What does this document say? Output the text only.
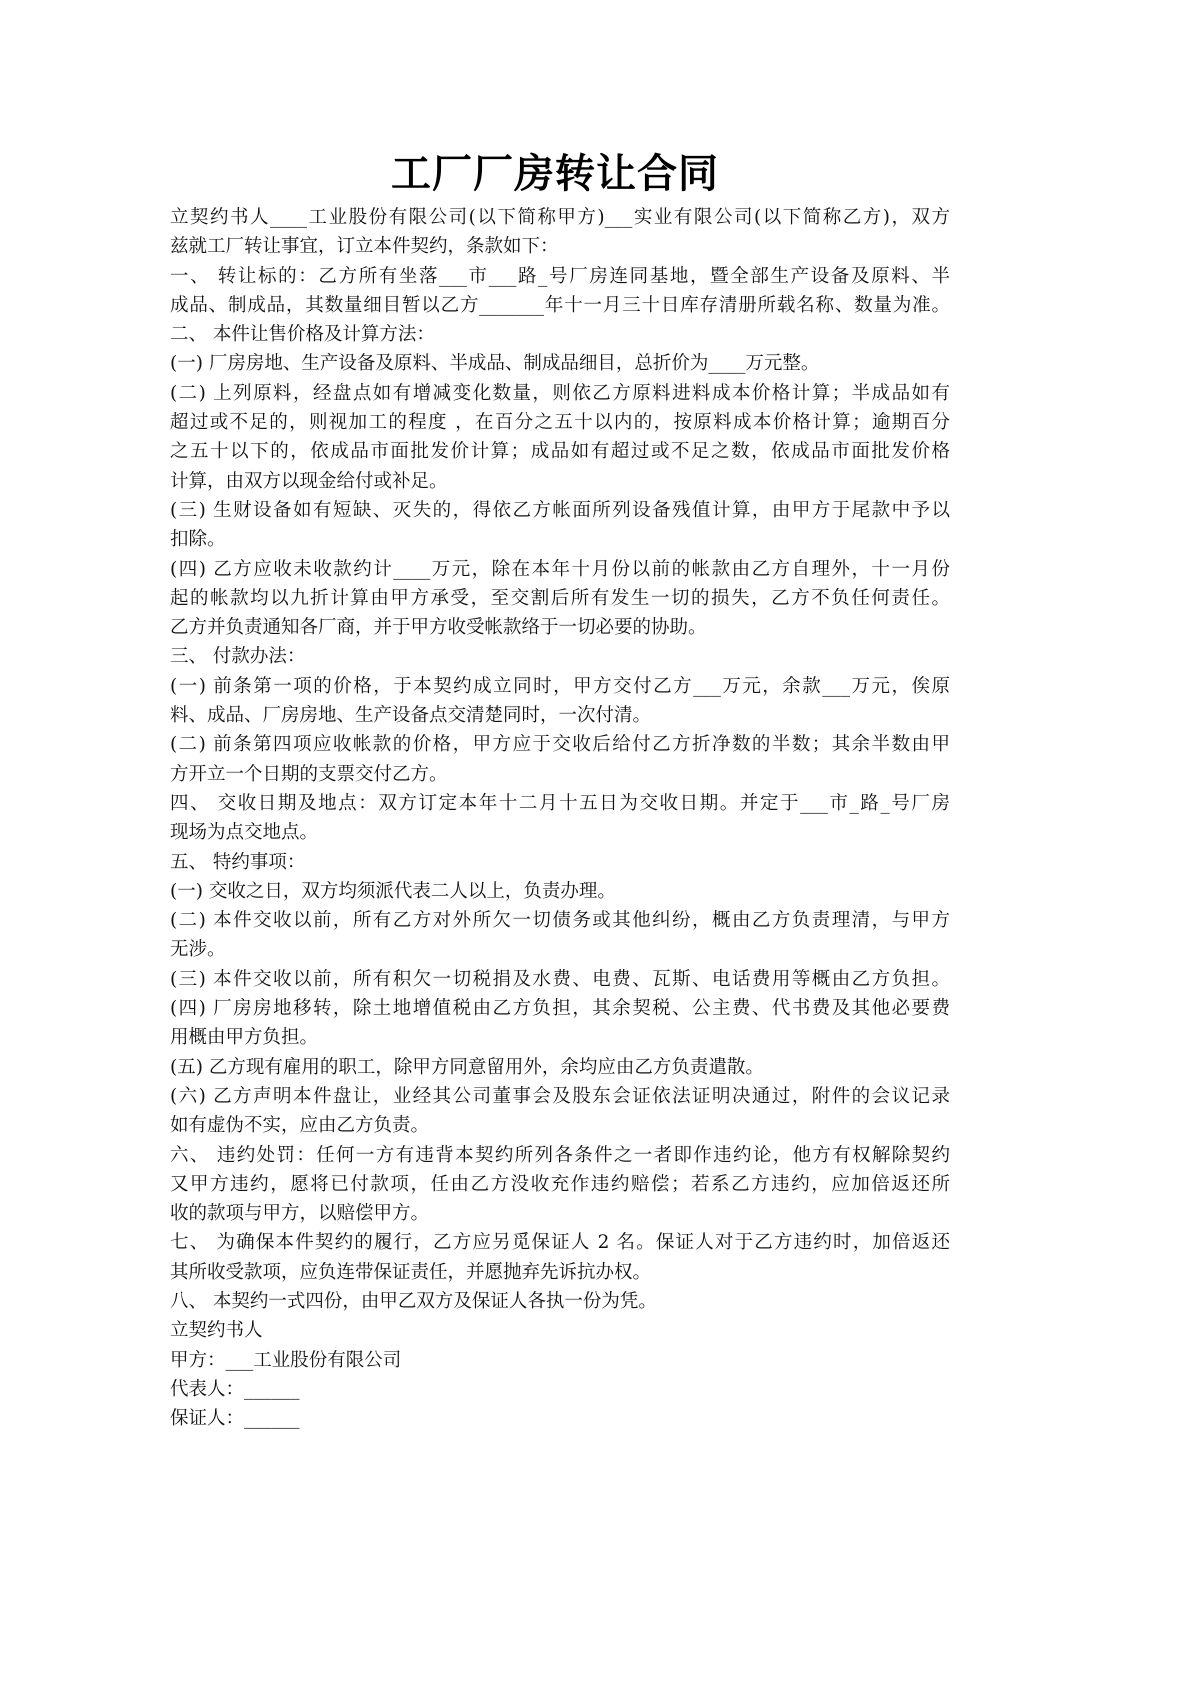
工厂厂房转让合同
立契约书人____工业股份有限公司(以下简称甲方)___实业有限公司(以下简称乙方)，双方
兹就工厂转让事宜，订立本件契约，条款如下：
一、 转让标的：乙方所有坐落___市___路_号厂房连同基地，暨全部生产设备及原料、半
成品、制成品，其数量细目暂以乙方_______年十一月三十日库存清册所载名称、数量为准。
二、 本件让售价格及计算方法：
(一) 厂房房地、生产设备及原料、半成品、制成品细目，总折价为____万元整。
(二) 上列原料，经盘点如有增减变化数量，则依乙方原料进料成本价格计算；半成品如有
超过或不足的，则视加工的程度 ，在百分之五十以内的，按原料成本价格计算；逾期百分
之五十以下的，依成品市面批发价计算；成品如有超过或不足之数，依成品市面批发价格
计算，由双方以现金给付或补足。
(三) 生财设备如有短缺、灭失的，得依乙方帐面所列设备残值计算，由甲方于尾款中予以
扣除。
(四) 乙方应收未收款约计____万元，除在本年十月份以前的帐款由乙方自理外，十一月份
起的帐款均以九折计算由甲方承受，至交割后所有发生一切的损失，乙方不负任何责任。
乙方并负责通知各厂商，并于甲方收受帐款络于一切必要的协助。
三、 付款办法：
(一) 前条第一项的价格，于本契约成立同时，甲方交付乙方___万元，余款___万元，俟原
料、成品、厂房房地、生产设备点交清楚同时，一次付清。
(二) 前条第四项应收帐款的价格，甲方应于交收后给付乙方折净数的半数；其余半数由甲
方开立一个日期的支票交付乙方。
四、 交收日期及地点：双方订定本年十二月十五日为交收日期。并定于___市_路_号厂房
现场为点交地点。
五、 特约事项：
(一) 交收之日，双方均须派代表二人以上，负责办理。
(二) 本件交收以前，所有乙方对外所欠一切债务或其他纠纷，概由乙方负责理清，与甲方
无涉。
(三) 本件交收以前，所有积欠一切税捐及水费、电费、瓦斯、电话费用等概由乙方负担。
(四) 厂房房地移转，除土地增值税由乙方负担，其余契税、公主费、代书费及其他必要费
用概由甲方负担。
(五) 乙方现有雇用的职工，除甲方同意留用外，余均应由乙方负责遣散。
(六) 乙方声明本件盘让，业经其公司董事会及股东会证依法证明决通过，附件的会议记录
如有虚伪不实，应由乙方负责。
六、 违约处罚：任何一方有违背本契约所列各条件之一者即作违约论，他方有权解除契约
又甲方违约，愿将已付款项，任由乙方没收充作违约赔偿；若系乙方违约，应加倍返还所
收的款项与甲方，以赔偿甲方。
七、 为确保本件契约的履行，乙方应另觅保证人 2 名。保证人对于乙方违约时，加倍返还
其所收受款项，应负连带保证责任，并愿抛弃先诉抗办权。
八、 本契约一式四份，由甲乙双方及保证人各执一份为凭。
立契约书人
甲方：___工业股份有限公司
代表人：______
保证人：______
